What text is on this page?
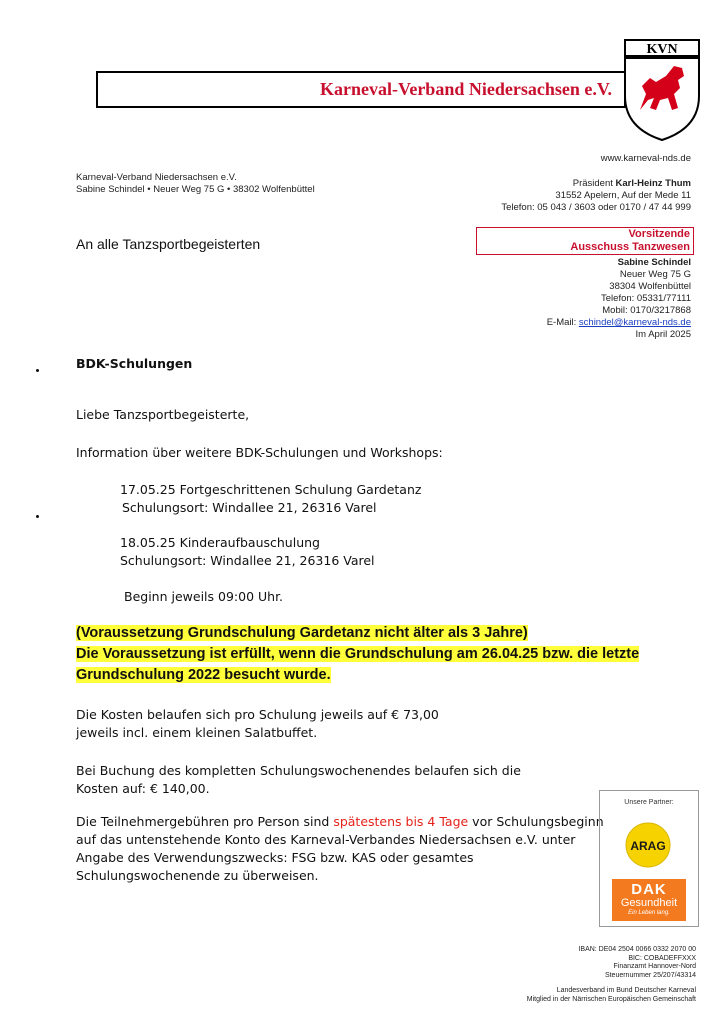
Karneval-Verband Niedersachsen e.V.
KVN
www.karneval-nds.de
Karneval-Verband Niedersachsen e.V.
Sabine Schindel • Neuer Weg 75 G • 38302 Wolfenbüttel
Präsident Karl-Heinz Thum
31552 Apelern, Auf der Mede 11
Telefon: 05 043 / 3603 oder 0170 / 47 44 999
An alle Tanzsportbegeisterten
Vorsitzende
Ausschuss Tanzwesen
Sabine Schindel
Neuer Weg 75 G
38304 Wolfenbüttel
Telefon: 05331/77111
Mobil: 0170/3217868
E-Mail: schindel@karneval-nds.de
Im April 2025
BDK-Schulungen
Liebe Tanzsportbegeisterte,
Information über weitere BDK-Schulungen und Workshops:
17.05.25 Fortgeschrittenen Schulung Gardetanz
Schulungsort: Windallee 21, 26316 Varel
18.05.25 Kinderaufbauschulung
Schulungsort: Windallee 21, 26316 Varel
Beginn jeweils 09:00 Uhr.
(Voraussetzung Grundschulung Gardetanz nicht älter als 3 Jahre)
Die Voraussetzung ist erfüllt, wenn die Grundschulung am 26.04.25 bzw. die letzte
Grundschulung 2022 besucht wurde.
Die Kosten belaufen sich pro Schulung jeweils auf € 73,00
jeweils incl. einem kleinen Salatbuffet.
Bei Buchung des kompletten Schulungswochenendes belaufen sich die
Kosten auf: € 140,00.
Die Teilnehmergebühren pro Person sind spätestens bis 4 Tage vor Schulungsbeginn
auf das untenstehende Konto des Karneval-Verbandes Niedersachsen e.V. unter
Angabe des Verwendungszwecks: FSG bzw. KAS oder gesamtes
Schulungswochenende zu überweisen.
Unsere Partner:
ARAG
DAK
Gesundheit
Ein Leben lang.
IBAN: DE04 2504 0066 0332 2070 00
BIC: COBADEFFXXX
Finanzamt Hannover-Nord
Steuernummer 25/207/43314
Landesverband im Bund Deutscher Karneval
Mitglied in der Närrischen Europäischen Gemeinschaft
